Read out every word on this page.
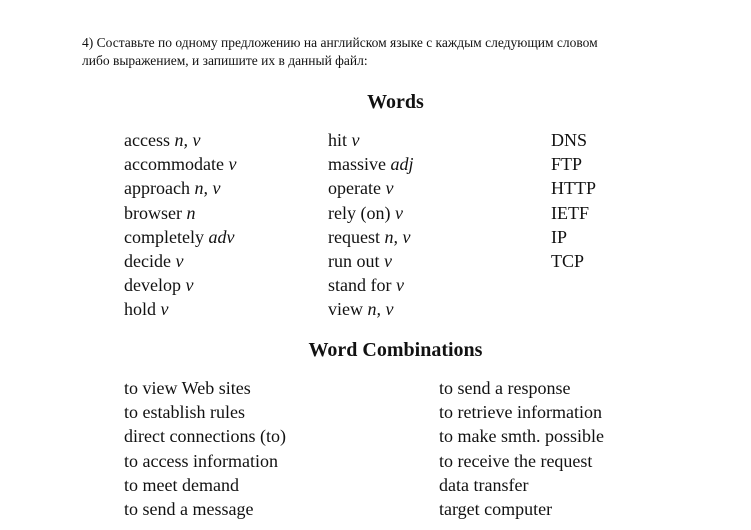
4) Составьте по одному предложению на английском языке с каждым следующим словом
либо выражением, и запишите их в данный файл:

Words
access n, v
accommodate v
approach n, v
browser n
completely adv
decide v
develop v
hold v
hit v
massive adj
operate v
rely (on) v
request n, v
run out v
stand for v
view n, v
DNS
FTP
HTTP
IETF
IP
TCP
Word Combinations
to view Web sites
to establish rules
direct connections (to)
to access information
to meet demand
to send a message
to send a response
to retrieve information
to make smth. possible
to receive the request
data transfer
target computer
